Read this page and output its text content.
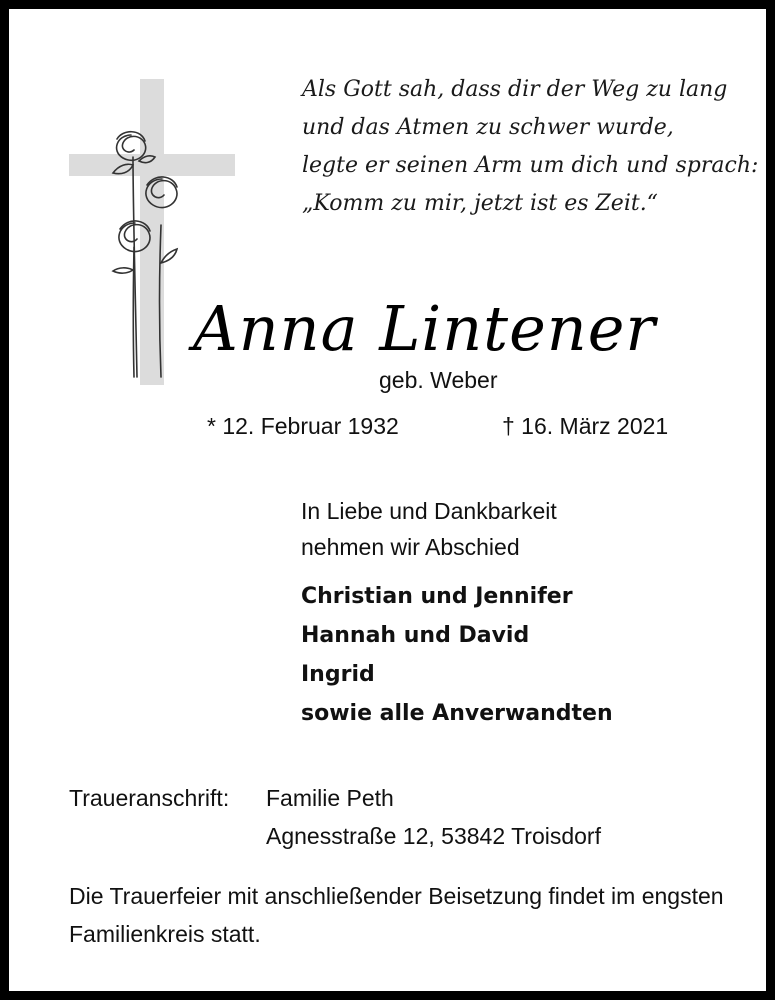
Als Gott sah, dass dir der Weg zu lang
und das Atmen zu schwer wurde,
legte er seinen Arm um dich und sprach:
„Komm zu mir, jetzt ist es Zeit.“
Anna Lintener
geb. Weber
* 12. Februar 1932	† 16. März 2021
In Liebe und Dankbarkeit
nehmen wir Abschied
Christian und Jennifer
Hannah und David
Ingrid
sowie alle Anverwandten
Traueranschrift: Familie Peth
Agnesstraße 12, 53842 Troisdorf
Die Trauerfeier mit anschließender Beisetzung findet im engsten Familienkreis statt.
